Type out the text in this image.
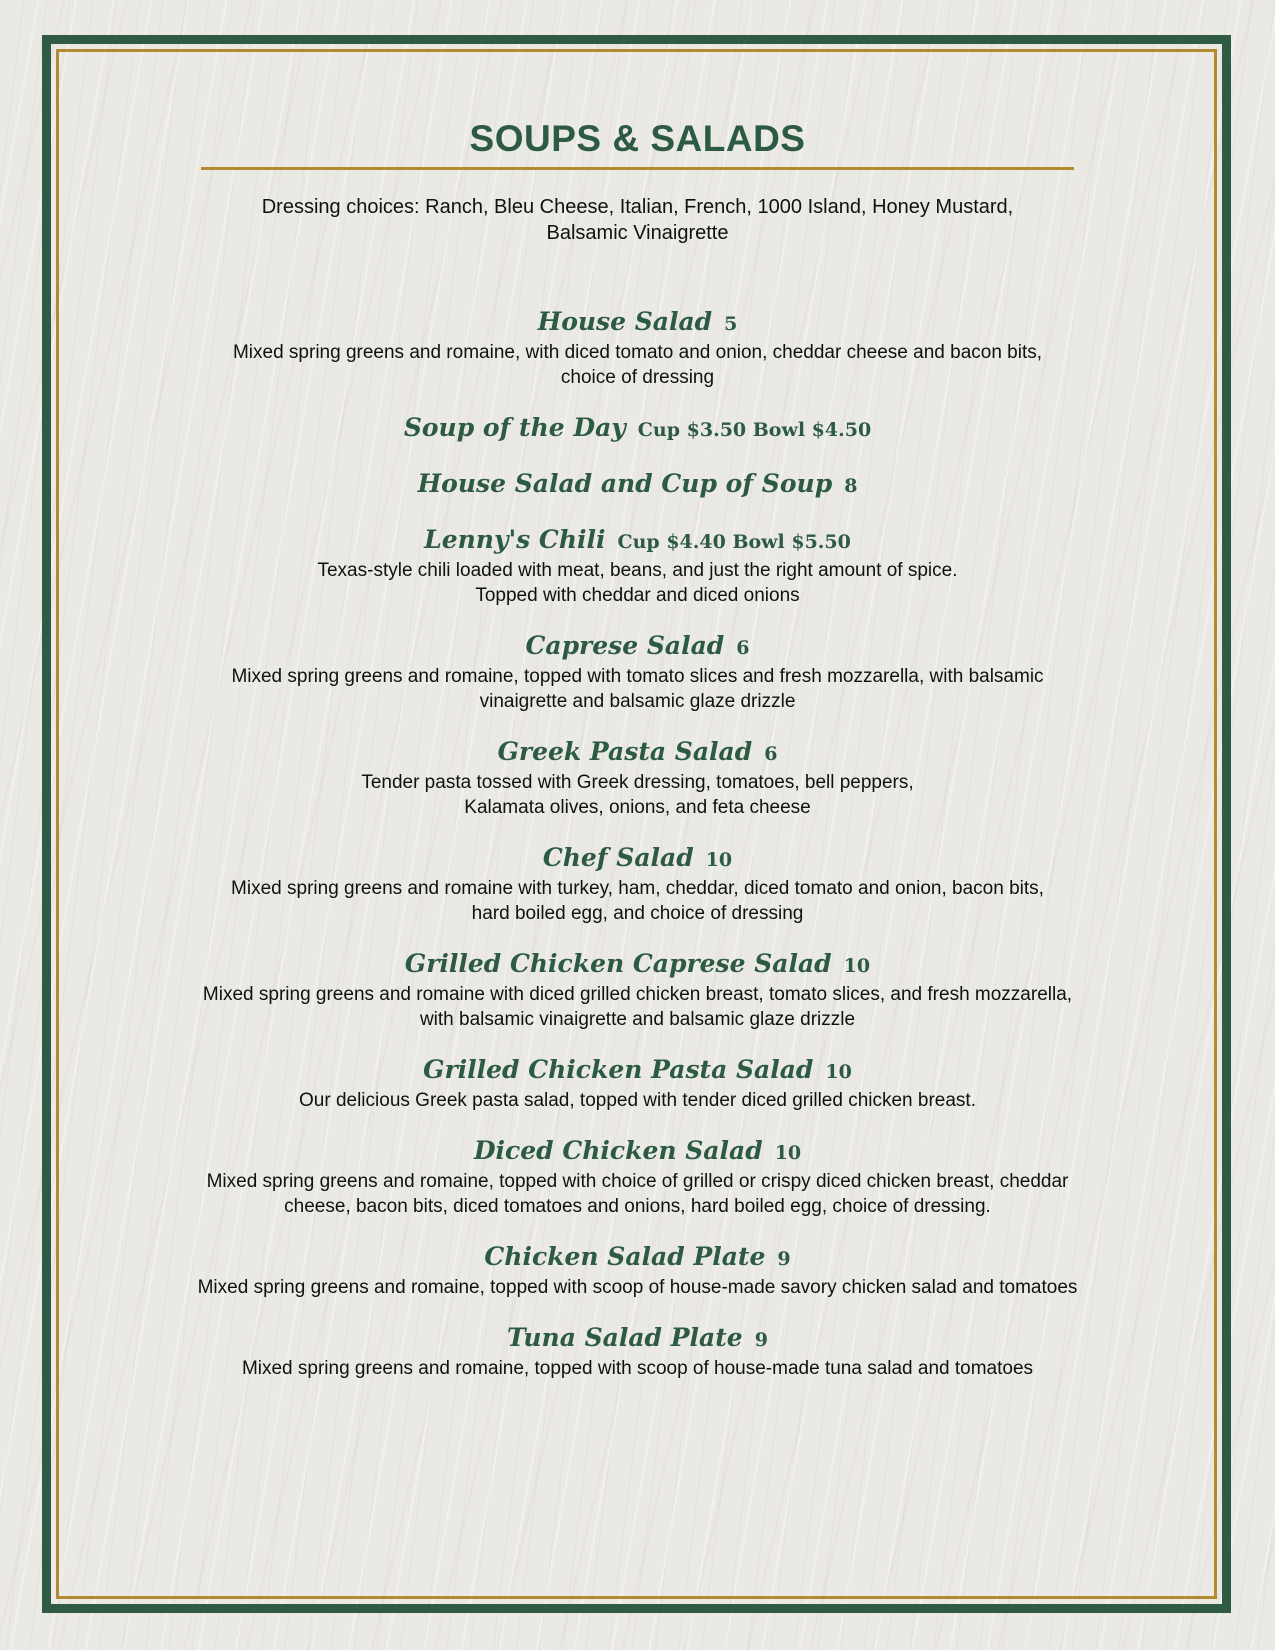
SOUPS & SALADS
Dressing choices: Ranch, Bleu Cheese, Italian, French, 1000 Island, Honey Mustard,
Balsamic Vinaigrette
House Salad 5
Mixed spring greens and romaine, with diced tomato and onion, cheddar cheese and bacon bits,
choice of dressing
Soup of the Day Cup $3.50 Bowl $4.50
House Salad and Cup of Soup 8
Lenny's Chili Cup $4.40 Bowl $5.50
Texas-style chili loaded with meat, beans, and just the right amount of spice.
Topped with cheddar and diced onions
Caprese Salad 6
Mixed spring greens and romaine, topped with tomato slices and fresh mozzarella, with balsamic
vinaigrette and balsamic glaze drizzle
Greek Pasta Salad 6
Tender pasta tossed with Greek dressing, tomatoes, bell peppers,
Kalamata olives, onions, and feta cheese
Chef Salad 10
Mixed spring greens and romaine with turkey, ham, cheddar, diced tomato and onion, bacon bits,
hard boiled egg, and choice of dressing
Grilled Chicken Caprese Salad 10
Mixed spring greens and romaine with diced grilled chicken breast, tomato slices, and fresh mozzarella,
with balsamic vinaigrette and balsamic glaze drizzle
Grilled Chicken Pasta Salad 10
Our delicious Greek pasta salad, topped with tender diced grilled chicken breast.
Diced Chicken Salad 10
Mixed spring greens and romaine, topped with choice of grilled or crispy diced chicken breast, cheddar
cheese, bacon bits, diced tomatoes and onions, hard boiled egg, choice of dressing.
Chicken Salad Plate 9
Mixed spring greens and romaine, topped with scoop of house-made savory chicken salad and tomatoes
Tuna Salad Plate 9
Mixed spring greens and romaine, topped with scoop of house-made tuna salad and tomatoes
